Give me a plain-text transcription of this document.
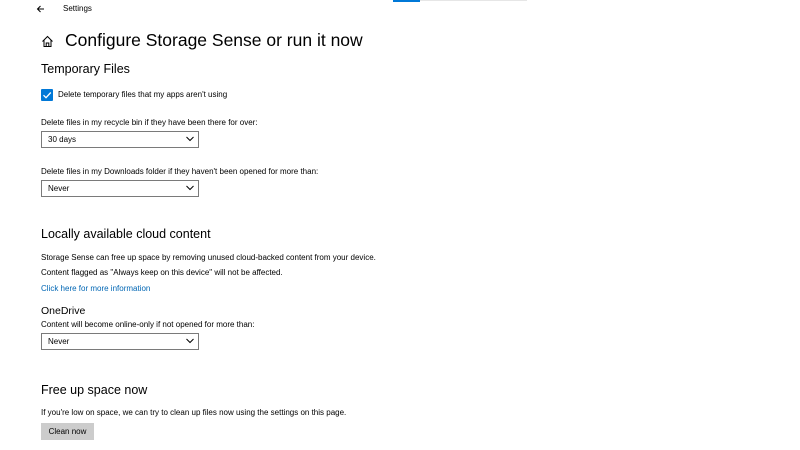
Settings
Configure Storage Sense or run it now
Temporary Files
Delete temporary files that my apps aren't using
Delete files in my recycle bin if they have been there for over:
30 days
Delete files in my Downloads folder if they haven't been opened for more than:
Never
Locally available cloud content
Storage Sense can free up space by removing unused cloud-backed content from your device.
Content flagged as "Always keep on this device" will not be affected.
Click here for more information
OneDrive
Content will become online-only if not opened for more than:
Never
Free up space now
If you're low on space, we can try to clean up files now using the settings on this page.
Clean now
